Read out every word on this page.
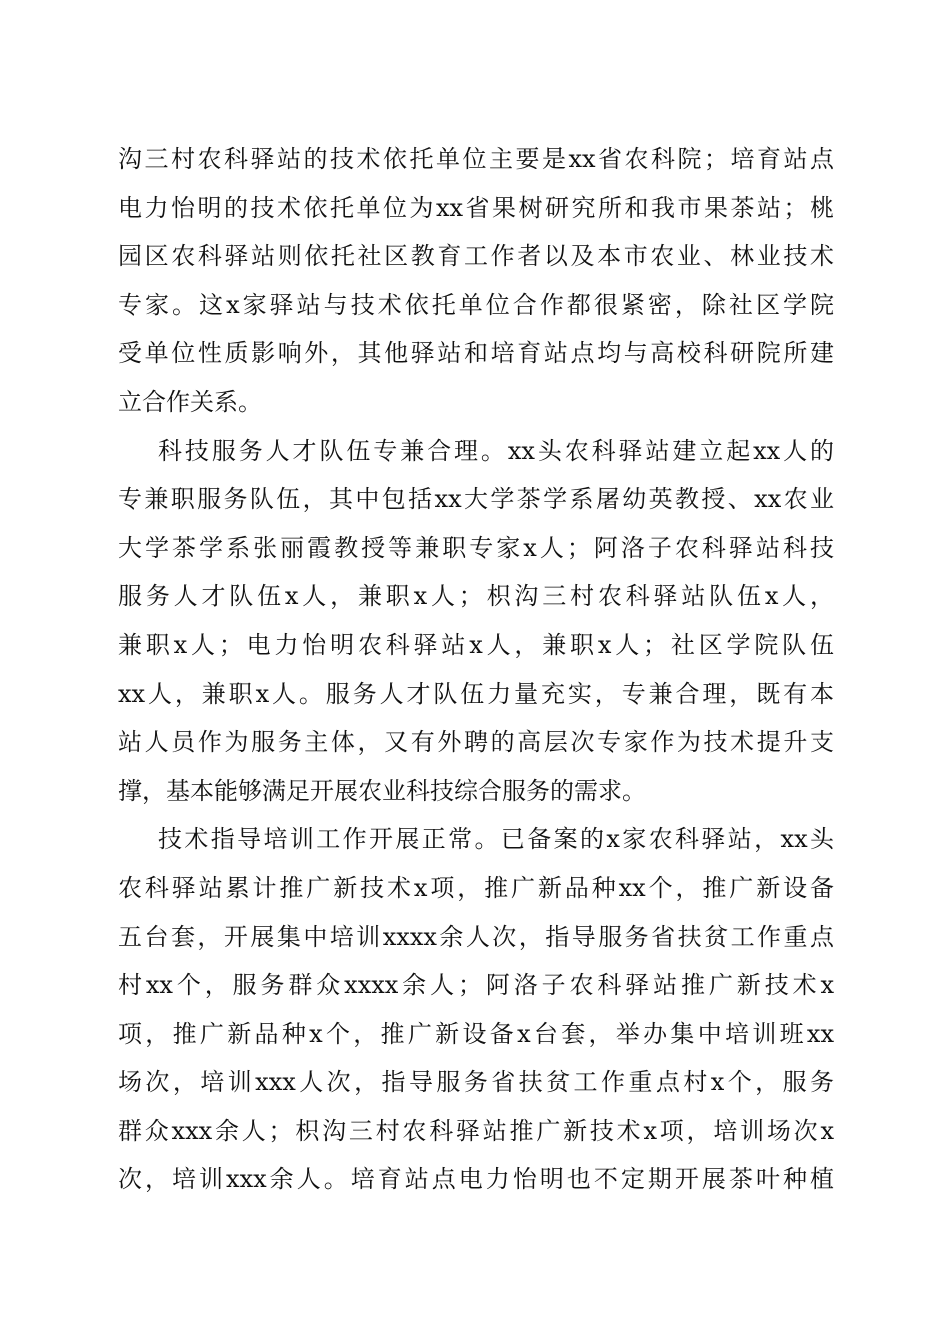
沟三村农科驿站的技术依托单位主要是xx省农科院；培育站点
电力怡明的技术依托单位为xx省果树研究所和我市果茶站；桃
园区农科驿站则依托社区教育工作者以及本市农业、林业技术
专家。这x家驿站与技术依托单位合作都很紧密，除社区学院
受单位性质影响外，其他驿站和培育站点均与高校科研院所建
立合作关系。
科技服务人才队伍专兼合理。xx头农科驿站建立起xx人的
专兼职服务队伍，其中包括xx大学茶学系屠幼英教授、xx农业
大学茶学系张丽霞教授等兼职专家x人；阿洛子农科驿站科技
服务人才队伍x人，兼职x人；枳沟三村农科驿站队伍x人，
兼职x人；电力怡明农科驿站x人，兼职x人；社区学院队伍
xx人，兼职x人。服务人才队伍力量充实，专兼合理，既有本
站人员作为服务主体，又有外聘的高层次专家作为技术提升支
撑，基本能够满足开展农业科技综合服务的需求。
技术指导培训工作开展正常。已备案的x家农科驿站，xx头
农科驿站累计推广新技术x项，推广新品种xx个，推广新设备
五台套，开展集中培训xxxx余人次，指导服务省扶贫工作重点
村xx个，服务群众xxxx余人；阿洛子农科驿站推广新技术x
项，推广新品种x个，推广新设备x台套，举办集中培训班xx
场次，培训xxx人次，指导服务省扶贫工作重点村x个，服务
群众xxx余人；枳沟三村农科驿站推广新技术x项，培训场次x
次，培训xxx余人。培育站点电力怡明也不定期开展茶叶种植
